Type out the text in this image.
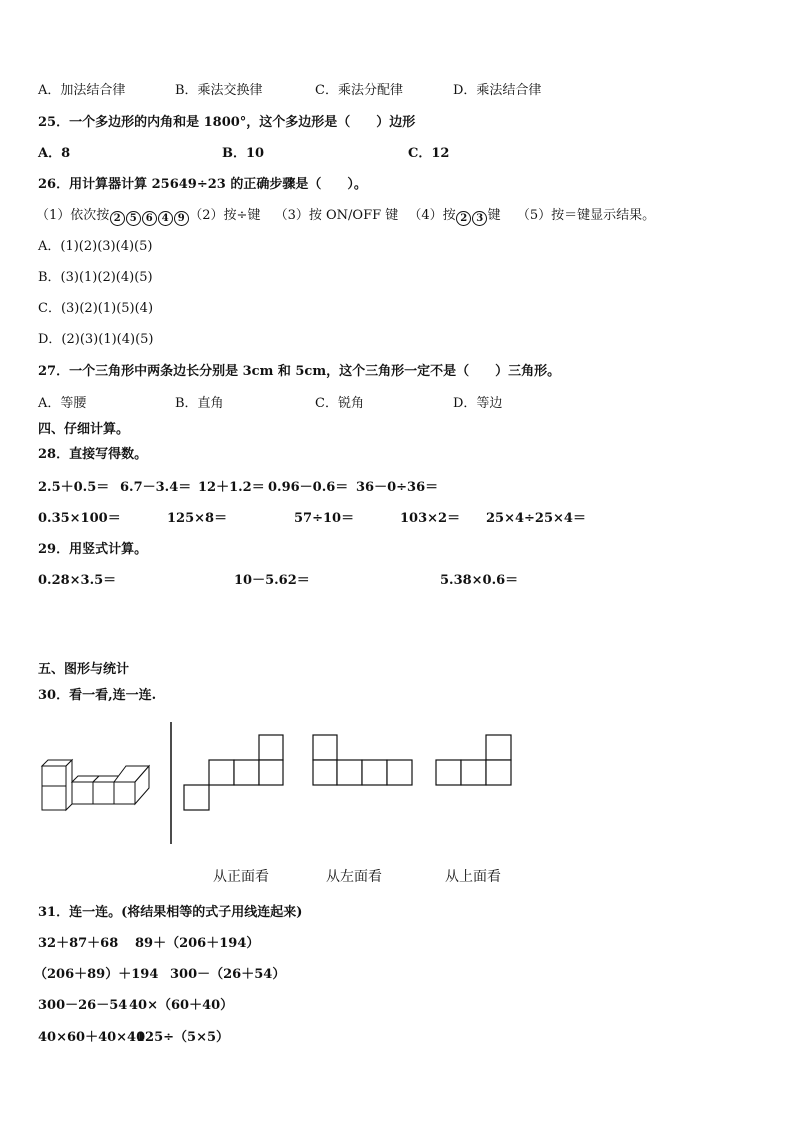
A．加法结合律	B．乘法交换律	C．乘法分配律	D．乘法结合律
25．一个多边形的内角和是 1800°，这个多边形是（　　）边形
A．8	B．10	C．12
26．用计算器计算 25649÷23 的正确步骤是（　　）。
（1）依次按 2 5 6 4 9 （2）按÷键 （3）按 ON/OFF 键 （4）按 2 3 键 （5）按＝键显示结果。
A．(1)(2)(3)(4)(5)
B．(3)(1)(2)(4)(5)
C．(3)(2)(1)(5)(4)
D．(2)(3)(1)(4)(5)
27．一个三角形中两条边长分别是 3cm 和 5cm，这个三角形一定不是（　　）三角形。
A．等腰	B．直角	C．锐角	D．等边
四、仔细计算。
28．直接写得数。
2.5＋0.5＝ 6.7－3.4＝ 12＋1.2＝ 0.96－0.6＝ 36－0÷36＝
0.35×100＝	125×8＝	57÷10＝	103×2＝ 25×4÷25×4＝
29．用竖式计算。
0.28×3.5＝	10－5.62＝	5.38×0.6＝
五、图形与统计
30．看一看,连一连.
从正面看	从左面看	从上面看
31．连一连。(将结果相等的式子用线连起来)
32＋87＋68 89＋（206＋194）
（206＋89）＋194 300－（26＋54）
300－26－54 40×（60＋40）
40×60＋40×40
125÷（5×5）
